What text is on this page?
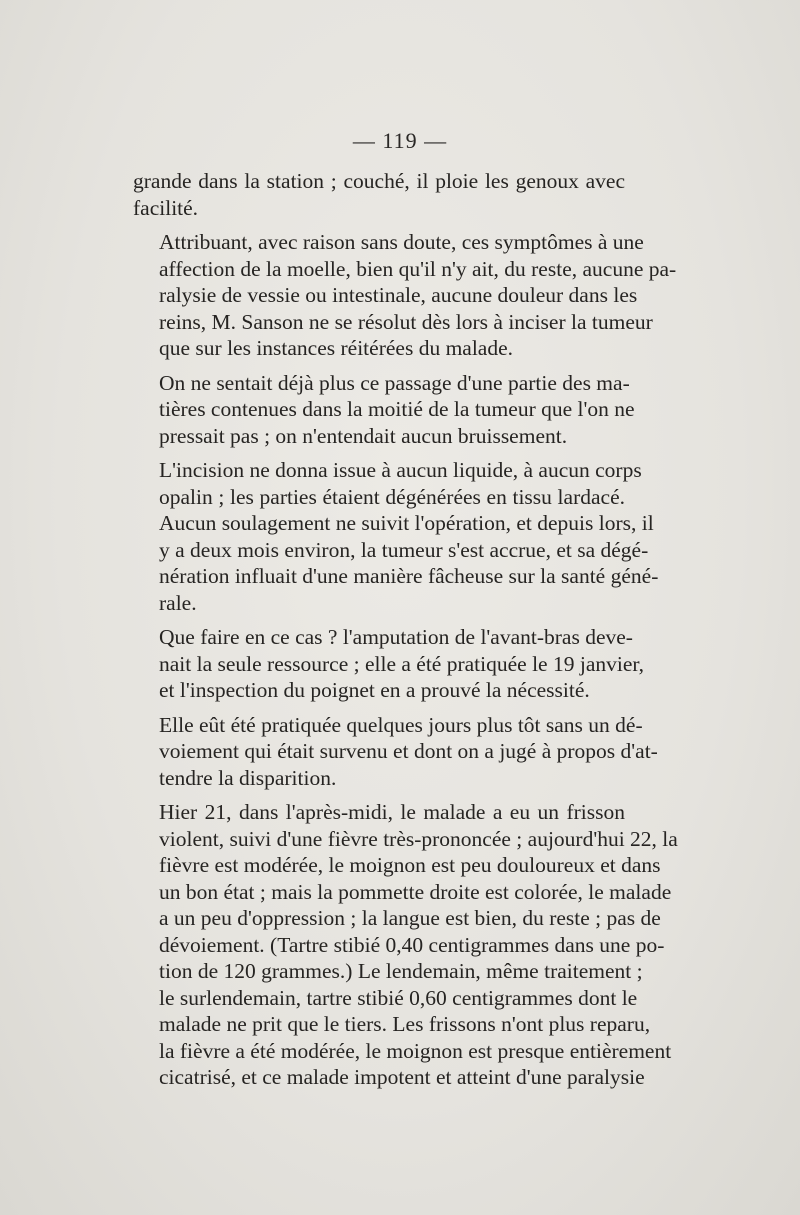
— 119 —

grande dans la station ; couché, il ploie les genoux avec
facilité.

Attribuant, avec raison sans doute, ces symptômes à une
affection de la moelle, bien qu'il n'y ait, du reste, aucune pa-
ralysie de vessie ou intestinale, aucune douleur dans les
reins, M. Sanson ne se résolut dès lors à inciser la tumeur
que sur les instances réitérées du malade.

On ne sentait déjà plus ce passage d'une partie des ma-
tières contenues dans la moitié de la tumeur que l'on ne
pressait pas ; on n'entendait aucun bruissement.

L'incision ne donna issue à aucun liquide, à aucun corps
opalin ; les parties étaient dégénérées en tissu lardacé.
Aucun soulagement ne suivit l'opération, et depuis lors, il
y a deux mois environ, la tumeur s'est accrue, et sa dégé-
nération influait d'une manière fâcheuse sur la santé géné-
rale.

Que faire en ce cas ? l'amputation de l'avant-bras deve-
nait la seule ressource ; elle a été pratiquée le 19 janvier,
et l'inspection du poignet en a prouvé la nécessité.

Elle eût été pratiquée quelques jours plus tôt sans un dé-
voiement qui était survenu et dont on a jugé à propos d'at-
tendre la disparition.

Hier 21, dans l'après-midi, le malade a eu un frisson
violent, suivi d'une fièvre très-prononcée ; aujourd'hui 22, la
fièvre est modérée, le moignon est peu douloureux et dans
un bon état ; mais la pommette droite est colorée, le malade
a un peu d'oppression ; la langue est bien, du reste ; pas de
dévoiement. (Tartre stibié 0,40 centigrammes dans une po-
tion de 120 grammes.) Le lendemain, même traitement ;
le surlendemain, tartre stibié 0,60 centigrammes dont le
malade ne prit que le tiers. Les frissons n'ont plus reparu,
la fièvre a été modérée, le moignon est presque entièrement
cicatrisé, et ce malade impotent et atteint d'une paralysie
